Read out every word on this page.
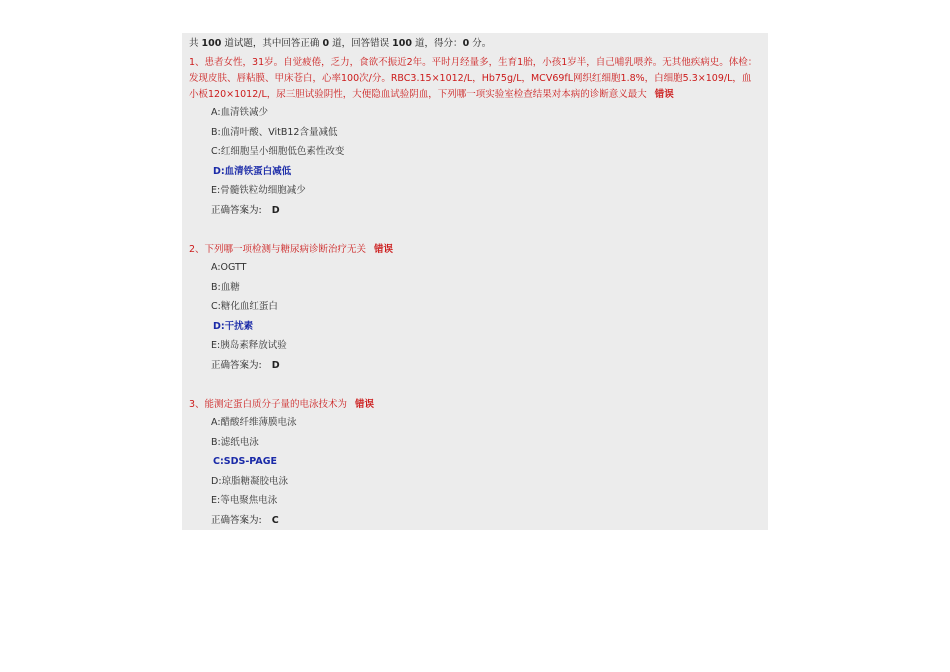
共 100 道试题，其中回答正确 0 道，回答错误 100 道，得分：0 分。
1、患者女性，31岁。自觉疲倦，乏力，食欲不振近2年。平时月经量多，生育1胎，小孩1岁半，自己哺乳喂养。无其他疾病史。体检：发现皮肤、唇粘膜、甲床苍白，心率100次/分。RBC3.15×1012/L，Hb75g/L，MCV69fL网织红细胞1.8%，白细胞5.3×109/L，血小板120×1012/L，尿三胆试验阴性，大便隐血试验阴血，下列哪一项实验室检查结果对本病的诊断意义最大 错误
A:血清铁减少
B:血清叶酸、VitB12含量减低
C:红细胞呈小细胞低色素性改变
D:血清铁蛋白减低
E:骨髓铁粒幼细胞减少
正确答案为: D
2、下列哪一项检测与糖尿病诊断治疗无关 错误
A:OGTT
B:血糖
C:糖化血红蛋白
D:干扰素
E:胰岛素释放试验
正确答案为: D
3、能测定蛋白质分子量的电泳技术为 错误
A:醋酸纤维薄膜电泳
B:滤纸电泳
C:SDS-PAGE
D:琼脂糖凝胶电泳
E:等电聚焦电泳
正确答案为: C
